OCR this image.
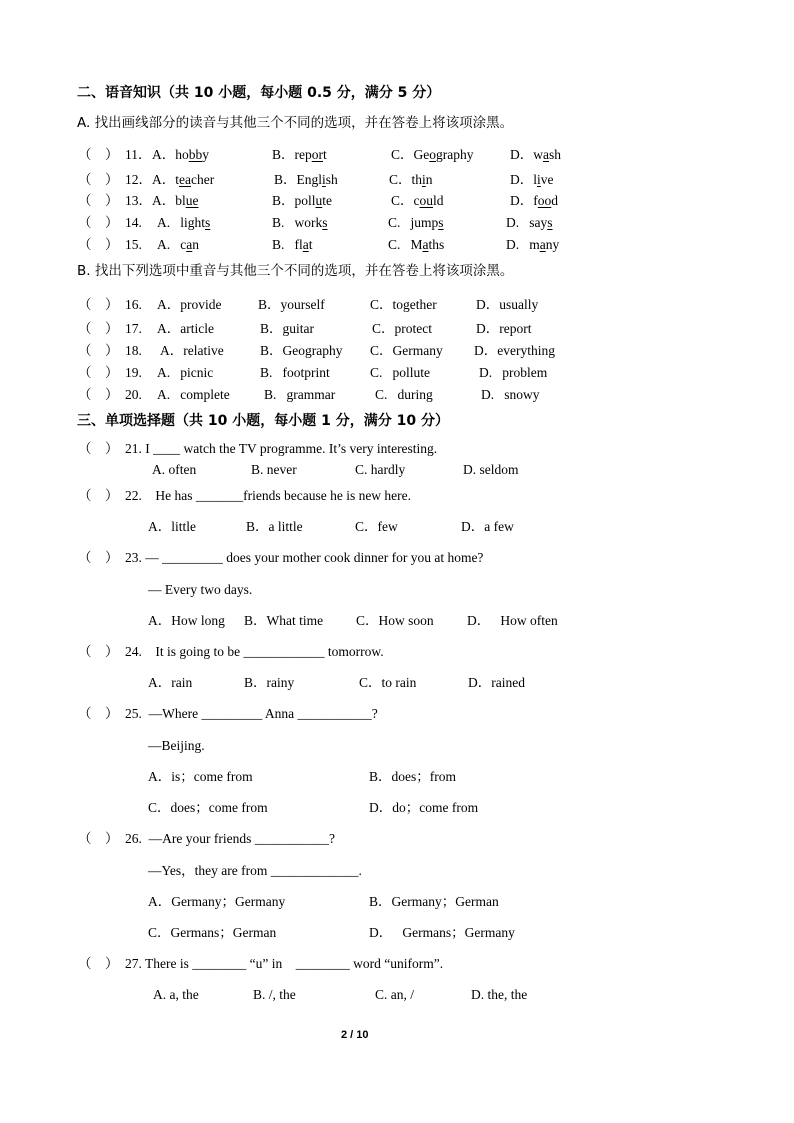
二、语音知识（共 10 小题，每小题 0.5 分，满分 5 分）
A. 找出画线部分的读音与其他三个不同的选项，并在答卷上将该项涂黑。
（　） 11． A．hobby	B．report	C．Geography	D．wash
（　） 12． A．teacher	B．English	C．thin	D．live
（　） 13． A．blue	B．pollute	C．could	D．food
（　） 14. A.   lights	B.   works	C.   jumps	D.   says
（　） 15. A.   can	B.   flat	C.   Maths	D.   many
B. 找出下列选项中重音与其他三个不同的选项，并在答卷上将该项涂黑。
（　） 16. A．provide	B．yourself	C．together	D．usually
（　） 17. A．article	B．guitar	C．protect	D．report
（　） 18. A．relative	B．Geography C．Germany D．everything
（　） 19. A.   picnic	B.   footprint	C.   pollute	D.   problem
（　） 20. A.   complete	B.   grammar	C.   during	D.   snowy
三、单项选择题（共 10 小题，每小题 1 分，满分 10 分）
（　） 21. I ____ watch the TV programme. It’s very interesting.
A. often	B. never	C. hardly	D. seldom
（　） 22.    He has _______friends because he is new here.
A．little	B．a little	C．few	D．a few
（　） 23. — _________ does your mother cook dinner for you at home?
— Every two days.
A．How long B．What time C．How soon D．   How often
（　） 24.    It is going to be ____________ tomorrow.
A．rain	B．rainy	C．to rain	D．rained
（　） 25.  —Where _________ Anna ___________?
—Beijing.
A．is；come from	B．does；from
C．does；come from	D．do；come from
（　） 26.  —Are your friends ___________?
—Yes，they are from _____________.
A．Germany；Germany	B．Germany；German
C．Germans；German	D．   Germans；Germany
（　） 27. There is ________ “u” in    ________ word “uniform”.
A. a, the	B. /, the	C. an, /	D. the, the
2 / 10
